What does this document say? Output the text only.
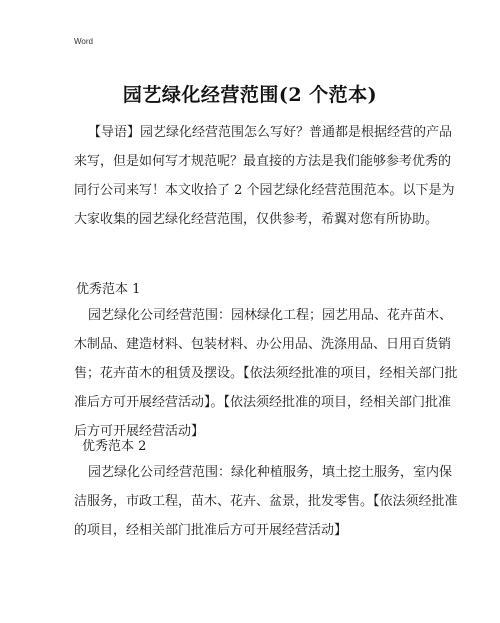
Word
园艺绿化经营范围(2 个范本)
【导语】园艺绿化经营范围怎么写好？普通都是根据经营的产品
来写，但是如何写才规范呢？最直接的方法是我们能够参考优秀的
同行公司来写！本文收拾了 2 个园艺绿化经营范围范本。以下是为
大家收集的园艺绿化经营范围，仅供参考，希翼对您有所协助。
优秀范本 1
园艺绿化公司经营范围：园林绿化工程；园艺用品、花卉苗木、
木制品、建造材料、包装材料、办公用品、洗涤用品、日用百货销
售；花卉苗木的租赁及摆设。【依法须经批准的项目，经相关部门批
准后方可开展经营活动】。【依法须经批准的项目，经相关部门批准
后方可开展经营活动】
优秀范本 2
园艺绿化公司经营范围：绿化种植服务，填土挖土服务，室内保
洁服务，市政工程，苗木、花卉、盆景，批发零售。【依法须经批准
的项目，经相关部门批准后方可开展经营活动】
